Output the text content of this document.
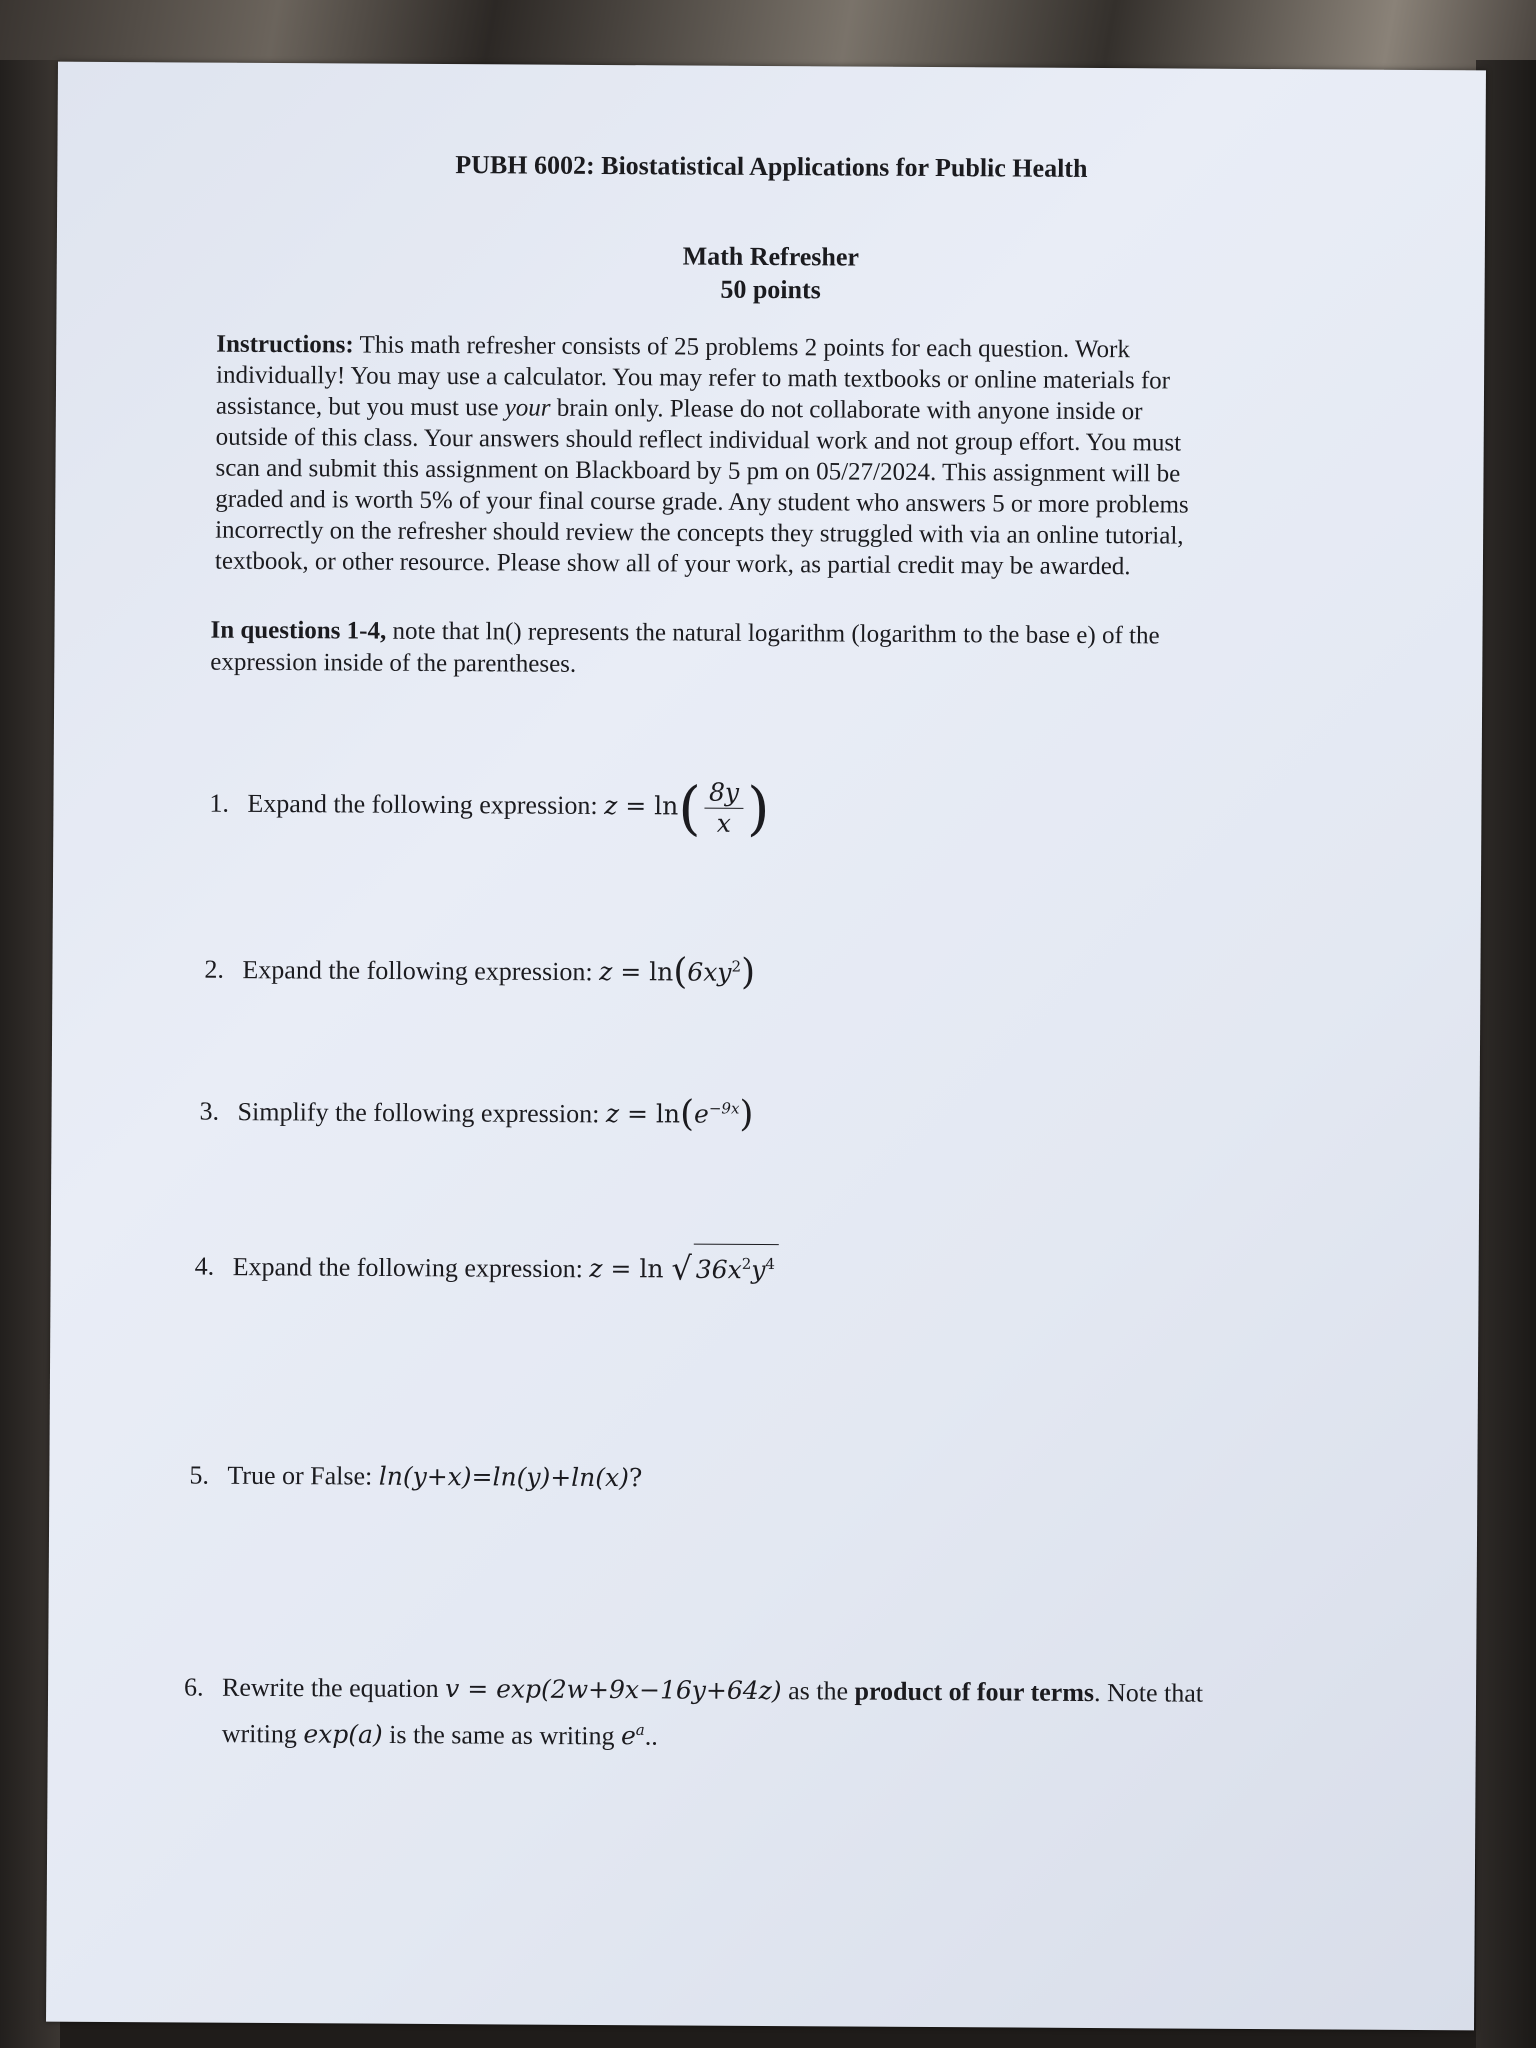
PUBH 6002: Biostatistical Applications for Public Health
Math Refresher
50 points
Instructions: This math refresher consists of 25 problems 2 points for each question. Work
individually! You may use a calculator. You may refer to math textbooks or online materials for
assistance, but you must use your brain only. Please do not collaborate with anyone inside or
outside of this class. Your answers should reflect individual work and not group effort. You must
scan and submit this assignment on Blackboard by 5 pm on 05/27/2024. This assignment will be
graded and is worth 5% of your final course grade. Any student who answers 5 or more problems
incorrectly on the refresher should review the concepts they struggled with via an online tutorial,
textbook, or other resource. Please show all of your work, as partial credit may be awarded.
In questions 1-4, note that ln() represents the natural logarithm (logarithm to the base e) of the
expression inside of the parentheses.
1. Expand the following expression: $z = \ln( \frac{8y}{x}$ )
2. Expand the following expression: $z = \ln(6xy^2)$
3. Simplify the following expression: $z = \ln(e^{-9x})$
4. Expand the following expression: z = ln √ $36x^2y^4$
5. True or False: ln(y+x)=ln(y)+ln(x)?
6. Rewrite the equation v = exp(2w+9x−16y+64z) as the product of four terms. Note that
writing exp(a) is the same as writing $e^a$..
